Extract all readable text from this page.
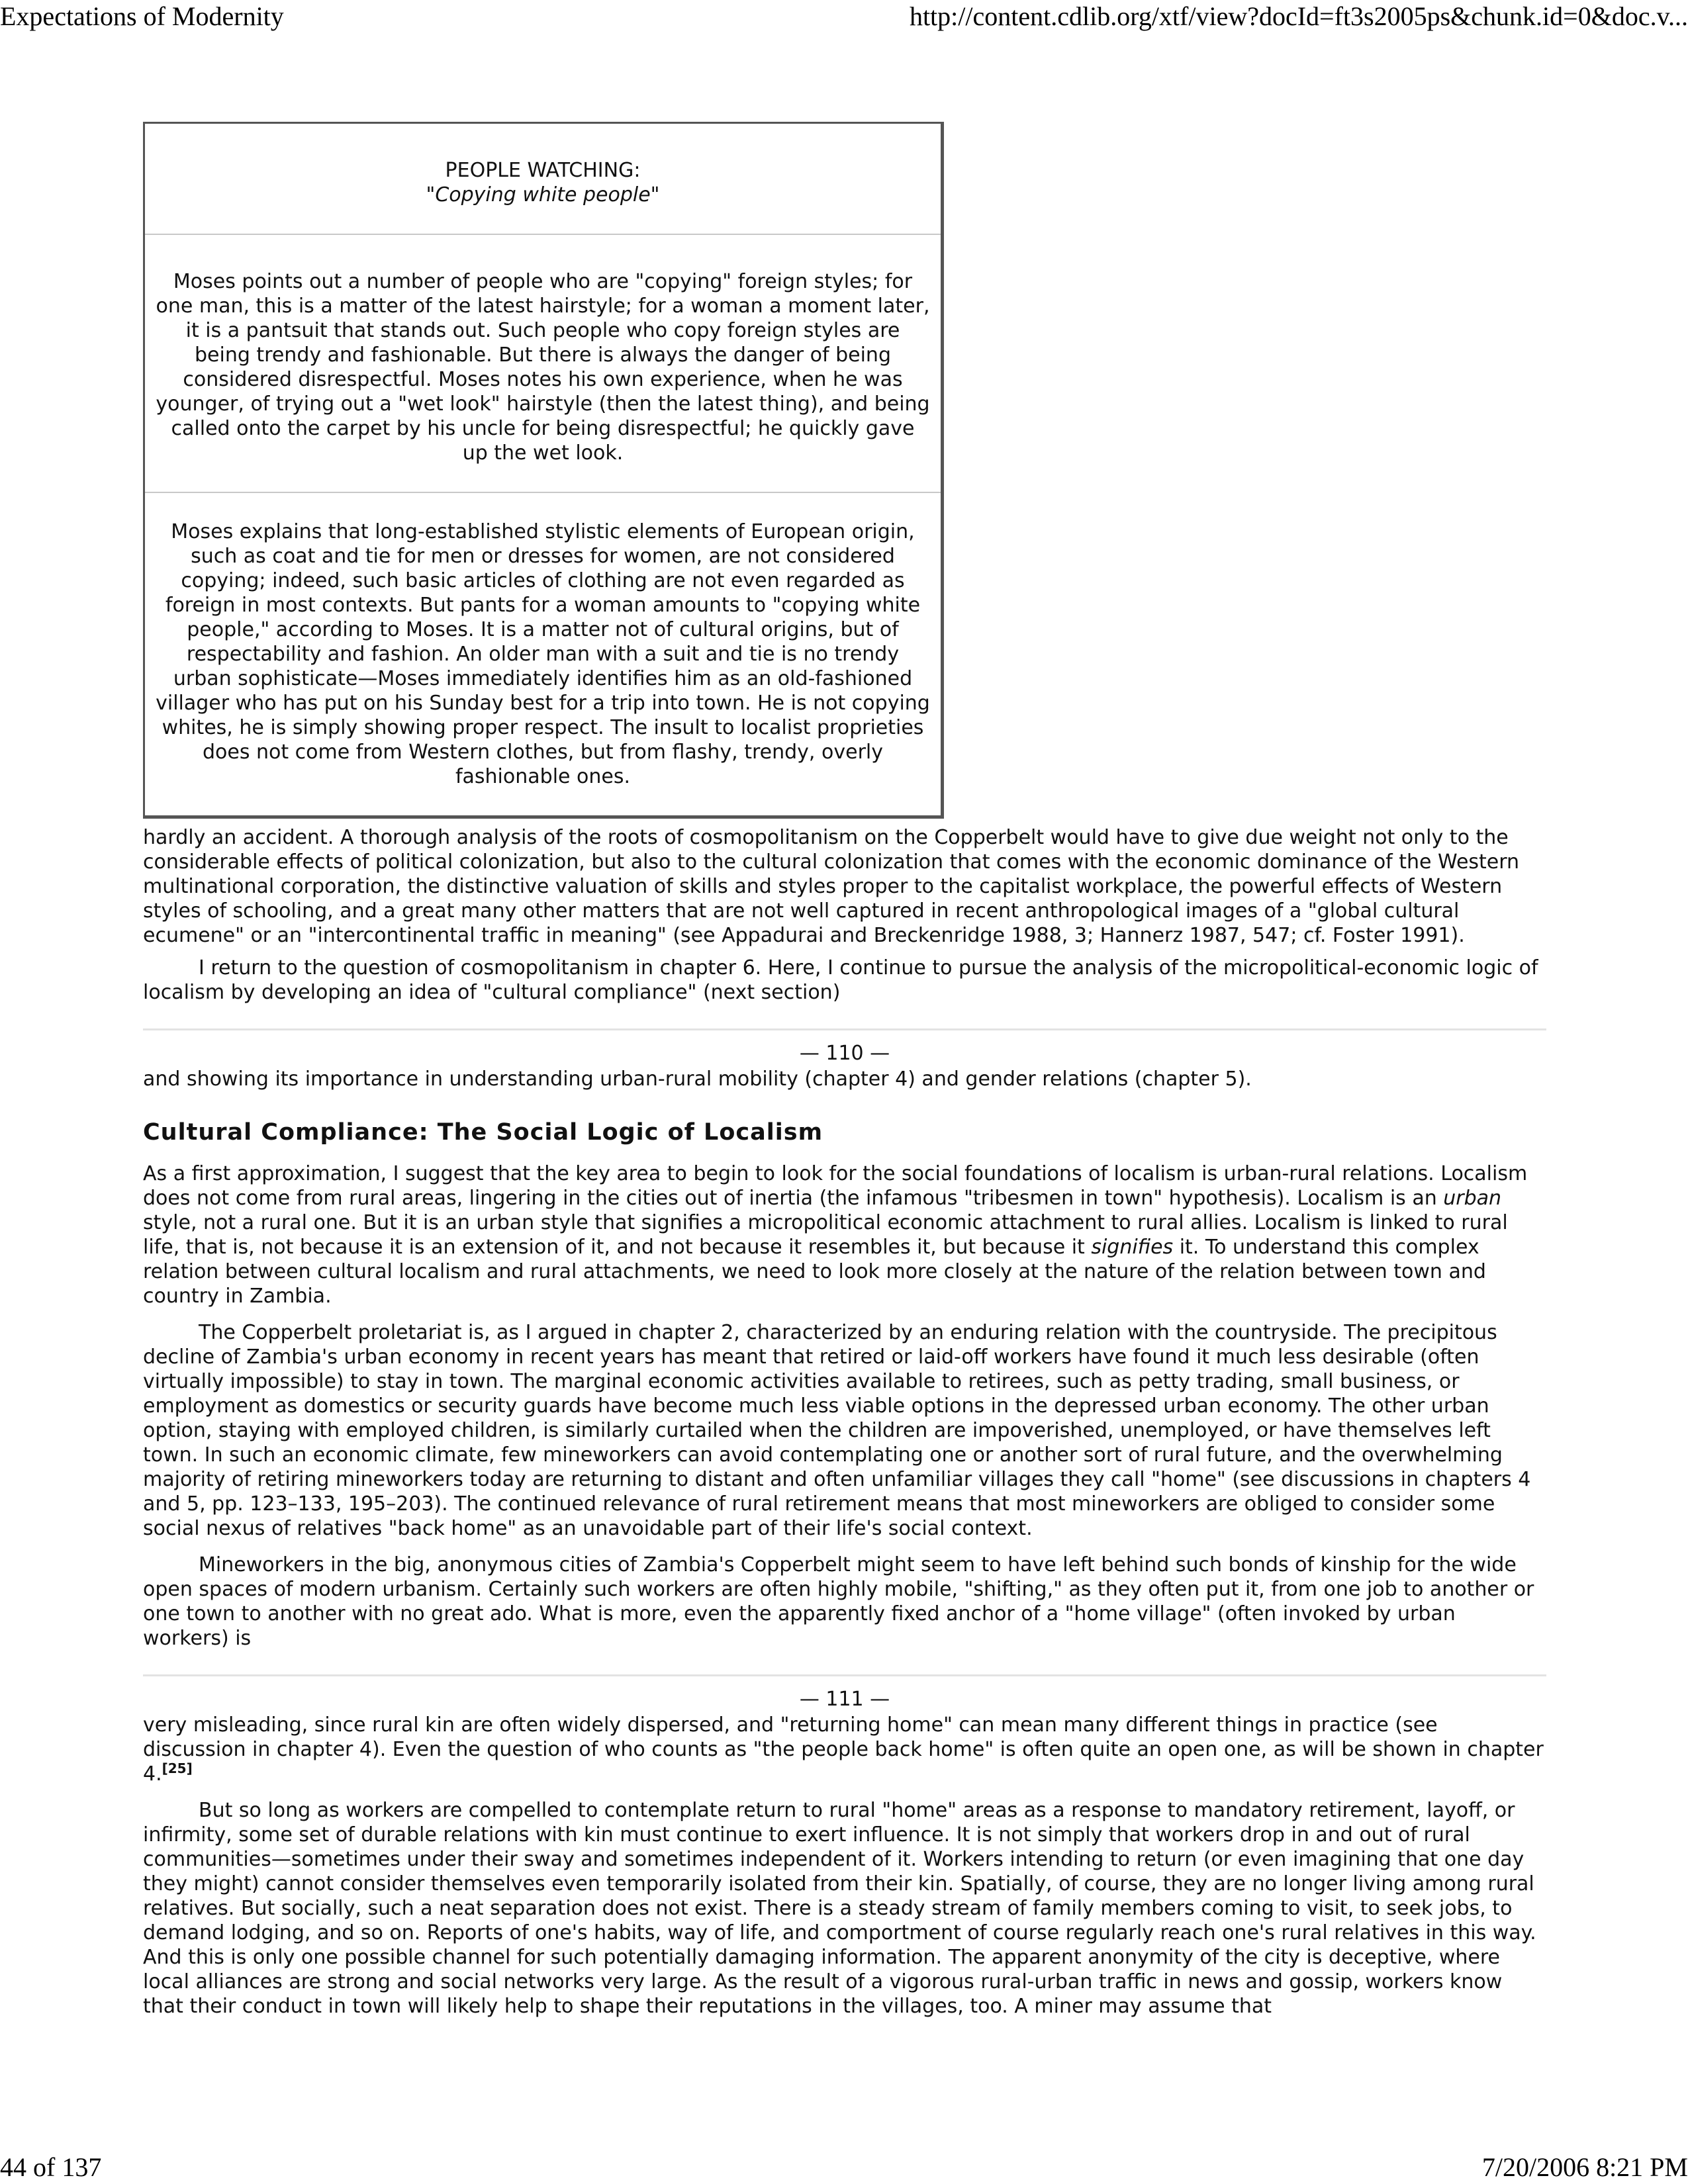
Expectations of Modernity	http://content.cdlib.org/xtf/view?docId=ft3s2005ps&chunk.id=0&doc.v...
PEOPLE WATCHING:
"Copying white people"
Moses points out a number of people who are "copying" foreign styles; for one man, this is a matter of the latest hairstyle; for a woman a moment later, it is a pantsuit that stands out. Such people who copy foreign styles are being trendy and fashionable. But there is always the danger of being considered disrespectful. Moses notes his own experience, when he was younger, of trying out a "wet look" hairstyle (then the latest thing), and being called onto the carpet by his uncle for being disrespectful; he quickly gave up the wet look.
Moses explains that long-established stylistic elements of European origin, such as coat and tie for men or dresses for women, are not considered copying; indeed, such basic articles of clothing are not even regarded as foreign in most contexts. But pants for a woman amounts to "copying white people," according to Moses. It is a matter not of cultural origins, but of respectability and fashion. An older man with a suit and tie is no trendy urban sophisticate—Moses immediately identifies him as an old-fashioned villager who has put on his Sunday best for a trip into town. He is not copying whites, he is simply showing proper respect. The insult to localist proprieties does not come from Western clothes, but from flashy, trendy, overly fashionable ones.

hardly an accident. A thorough analysis of the roots of cosmopolitanism on the Copperbelt would have to give due weight not only to the considerable effects of political colonization, but also to the cultural colonization that comes with the economic dominance of the Western multinational corporation, the distinctive valuation of skills and styles proper to the capitalist workplace, the powerful effects of Western styles of schooling, and a great many other matters that are not well captured in recent anthropological images of a "global cultural ecumene" or an "intercontinental traffic in meaning" (see Appadurai and Breckenridge 1988, 3; Hannerz 1987, 547; cf. Foster 1991).

I return to the question of cosmopolitanism in chapter 6. Here, I continue to pursue the analysis of the micropolitical-economic logic of localism by developing an idea of "cultural compliance" (next section)

— 110 —

and showing its importance in understanding urban-rural mobility (chapter 4) and gender relations (chapter 5).

Cultural Compliance: The Social Logic of Localism

As a first approximation, I suggest that the key area to begin to look for the social foundations of localism is urban-rural relations. Localism does not come from rural areas, lingering in the cities out of inertia (the infamous "tribesmen in town" hypothesis). Localism is an urban style, not a rural one. But it is an urban style that signifies a micropolitical economic attachment to rural allies. Localism is linked to rural life, that is, not because it is an extension of it, and not because it resembles it, but because it signifies it. To understand this complex relation between cultural localism and rural attachments, we need to look more closely at the nature of the relation between town and country in Zambia.

The Copperbelt proletariat is, as I argued in chapter 2, characterized by an enduring relation with the countryside. The precipitous decline of Zambia's urban economy in recent years has meant that retired or laid-off workers have found it much less desirable (often virtually impossible) to stay in town. The marginal economic activities available to retirees, such as petty trading, small business, or employment as domestics or security guards have become much less viable options in the depressed urban economy. The other urban option, staying with employed children, is similarly curtailed when the children are impoverished, unemployed, or have themselves left town. In such an economic climate, few mineworkers can avoid contemplating one or another sort of rural future, and the overwhelming majority of retiring mineworkers today are returning to distant and often unfamiliar villages they call "home" (see discussions in chapters 4 and 5, pp. 123–133, 195–203). The continued relevance of rural retirement means that most mineworkers are obliged to consider some social nexus of relatives "back home" as an unavoidable part of their life's social context.

Mineworkers in the big, anonymous cities of Zambia's Copperbelt might seem to have left behind such bonds of kinship for the wide open spaces of modern urbanism. Certainly such workers are often highly mobile, "shifting," as they often put it, from one job to another or one town to another with no great ado. What is more, even the apparently fixed anchor of a "home village" (often invoked by urban workers) is

— 111 —

very misleading, since rural kin are often widely dispersed, and "returning home" can mean many different things in practice (see discussion in chapter 4). Even the question of who counts as "the people back home" is often quite an open one, as will be shown in chapter 4.[25]

But so long as workers are compelled to contemplate return to rural "home" areas as a response to mandatory retirement, layoff, or infirmity, some set of durable relations with kin must continue to exert influence. It is not simply that workers drop in and out of rural communities—sometimes under their sway and sometimes independent of it. Workers intending to return (or even imagining that one day they might) cannot consider themselves even temporarily isolated from their kin. Spatially, of course, they are no longer living among rural relatives. But socially, such a neat separation does not exist. There is a steady stream of family members coming to visit, to seek jobs, to demand lodging, and so on. Reports of one's habits, way of life, and comportment of course regularly reach one's rural relatives in this way. And this is only one possible channel for such potentially damaging information. The apparent anonymity of the city is deceptive, where local alliances are strong and social networks very large. As the result of a vigorous rural-urban traffic in news and gossip, workers know that their conduct in town will likely help to shape their reputations in the villages, too. A miner may assume that

44 of 137	7/20/2006 8:21 PM
